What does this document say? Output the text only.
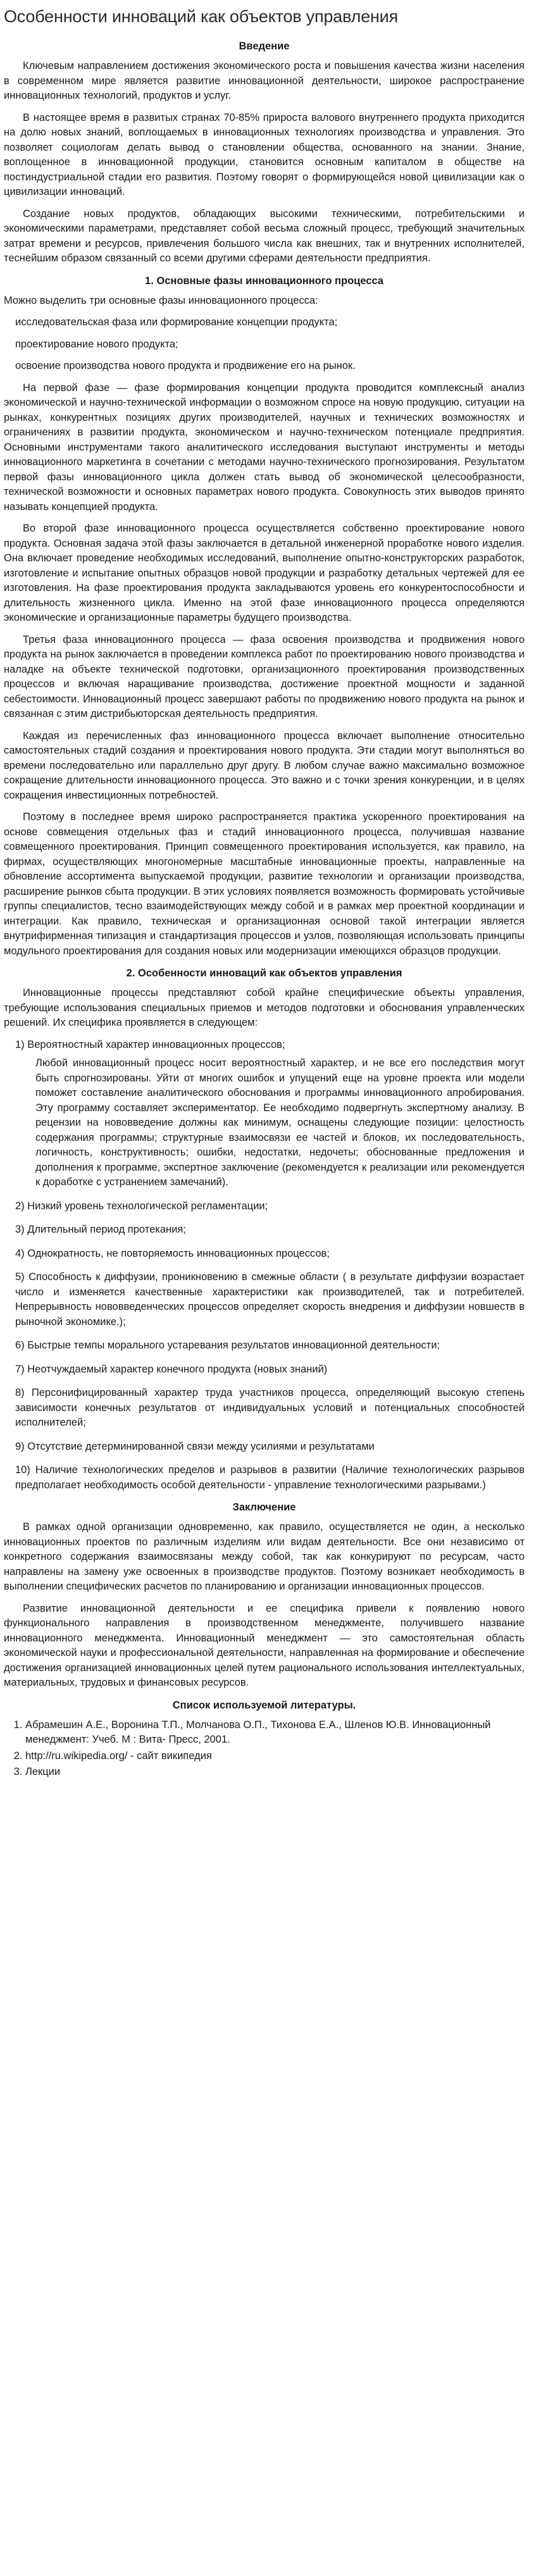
Особенности инноваций как объектов управления
Введение

Ключевым направлением достижения экономического роста и повышения качества жизни населения в современном мире является развитие инновационной деятельности, широкое распространение инновационных технологий, продуктов и услуг.

В настоящее время в развитых странах 70-85% прироста валового внутреннего продукта приходится на долю новых знаний, воплощаемых в инновационных технологиях производства и управления. Это позволяет социологам делать вывод о становлении общества, основанного на знании. Знание, воплощенное в инновационной продукции, становится основным капиталом в обществе на постиндустриальной стадии его развития. Поэтому говорят о формирующейся новой цивилизации как о цивилизации инноваций.

Создание новых продуктов, обладающих высокими техническими, потребительскими и экономическими параметрами, представляет собой весьма сложный процесс, требующий значительных затрат времени и ресурсов, привлечения большого числа как внешних, так и внутренних исполнителей, теснейшим образом связанный со всеми другими сферами деятельности предприятия.

1. Основные фазы инновационного процесса

Можно выделить три основные фазы инновационного процесса:

исследовательская фаза или формирование концепции продукта;

проектирование нового продукта;

освоение производства нового продукта и продвижение его на рынок.

На первой фазе — фазе формирования концепции продукта проводится комплексный анализ экономической и научно-технической информации о возможном спросе на новую продукцию, ситуации на рынках, конкурентных позициях других производителей, научных и технических возможностях и ограничениях в развитии продукта, экономическом и научно-техническом потенциале предприятия. Основными инструментами такого аналитического исследования выступают инструменты и методы инновационного маркетинга в сочетании с методами научно-технического прогнозирования. Результатом первой фазы инновационного цикла должен стать вывод об экономической целесообразности, технической возможности и основных параметрах нового продукта. Совокупность этих выводов принято называть концепцией продукта.

Во второй фазе инновационного процесса осуществляется собственно проектирование нового продукта. Основная задача этой фазы заключается в детальной инженерной проработке нового изделия. Она включает проведение необходимых исследований, выполнение опытно-конструкторских разработок, изготовление и испытание опытных образцов новой продукции и разработку детальных чертежей для ее изготовления. На фазе проектирования продукта закладываются уровень его конкурентоспособности и длительность жизненного цикла. Именно на этой фазе инновационного процесса определяются экономические и организационные параметры будущего производства.

Третья фаза инновационного процесса — фаза освоения производства и продвижения нового продукта на рынок заключается в проведении комплекса работ по проектированию нового производства и наладке на объекте технической подготовки, организационного проектирования производственных процессов и включая наращивание производства, достижение проектной мощности и заданной себестоимости. Инновационный процесс завершают работы по продвижению нового продукта на рынок и связанная с этим дистрибьюторская деятельность предприятия.

Каждая из перечисленных фаз инновационного процесса включает выполнение относительно самостоятельных стадий создания и проектирования нового продукта. Эти стадии могут выполняться во времени последовательно или параллельно друг другу. В любом случае важно максимально возможное сокращение длительности инновационного процесса. Это важно и с точки зрения конкуренции, и в целях сокращения инвестиционных потребностей.

Поэтому в последнее время широко распространяется практика ускоренного проектирования на основе совмещения отдельных фаз и стадий инновационного процесса, получившая название совмещенного проектирования. Принцип совмещенного проектирования используется, как правило, на фирмах, осуществляющих многономерные масштабные инновационные проекты, направленные на обновление ассортимента выпускаемой продукции, развитие технологии и организации производства, расширение рынков сбыта продукции. В этих условиях появляется возможность формировать устойчивые группы специалистов, тесно взаимодействующих между собой и в рамках мер проектной координации и интеграции. Как правило, техническая и организационная основой такой интеграции является внутрифирменная типизация и стандартизация процессов и узлов, позволяющая использовать принципы модульного проектирования для создания новых или модернизации имеющихся образцов продукции.

2. Особенности инноваций как объектов управления

Инновационные процессы представляют собой крайне специфические объекты управления, требующие использования специальных приемов и методов подготовки и обоснования управленческих решений. Их специфика проявляется в следующем:

1) Вероятностный характер инновационных процессов;
Любой инновационный процесс носит вероятностный характер, и не все его последствия могут быть спрогнозированы. Уйти от многих ошибок и упущений еще на уровне проекта или модели поможет составление аналитического обоснования и программы инновационного апробирования. Эту программу составляет экспериментатор. Ее необходимо подвергнуть экспертному анализу. В рецензии на нововведение должны как минимум, оснащены следующие позиции: целостность содержания программы; структурные взаимосвязи ее частей и блоков, их последовательность, логичность, конструктивность; ошибки, недостатки, недочеты; обоснованные предложения и дополнения к программе, экспертное заключение (рекомендуется к реализации или рекомендуется к доработке с устранением замечаний).
2) Низкий уровень технологической регламентации;
3) Длительный период протекания;
4) Однократность, не повторяемость инновационных процессов;
5) Способность к диффузии, проникновению в смежные области ( в результате диффузии возрастает число и изменяется качественные характеристики как производителей, так и потребителей. Непрерывность нововведенческих процессов определяет скорость внедрения и диффузии новшеств в рыночной экономике.);
6) Быстрые темпы морального устаревания результатов инновационной деятельности;
7) Неотчуждаемый характер конечного продукта (новых знаний)
8) Персонифицированный характер труда участников процесса, определяющий высокую степень зависимости конечных результатов от индивидуальных условий и потенциальных способностей исполнителей;
9) Отсутствие детерминированной связи между усилиями и результатами
10) Наличие технологических пределов и разрывов в развитии (Наличие технологических разрывов предполагает необходимость особой деятельности - управление технологическими разрывами.)
Заключение

В рамках одной организации одновременно, как правило, осуществляется не один, а несколько инновационных проектов по различным изделиям или видам деятельности. Все они независимо от конкретного содержания взаимосвязаны между собой, так как конкурируют по ресурсам, часто направлены на замену уже освоенных в производстве продуктов. Поэтому возникает необходимость в выполнении специфических расчетов по планированию и организации инновационных процессов.

Развитие инновационной деятельности и ее специфика привели к появлению нового функционального направления в производственном менеджменте, получившего название инновационного менеджмента. Инновационный менеджмент — это самостоятельная область экономической науки и профессиональной деятельности, направленная на формирование и обеспечение достижения организацией инновационных целей путем рационального использования интеллектуальных, материальных, трудовых и финансовых ресурсов.

Список используемой литературы.
1. Абрамешин А.Е., Воронина Т.П., Молчанова О.П., Тихонова Е.А., Шленов Ю.В. Инновационный менеджмент: Учеб. М : Вита- Пресс, 2001.
2. http://ru.wikipedia.org/ - сайт википедия
3. Лекции
